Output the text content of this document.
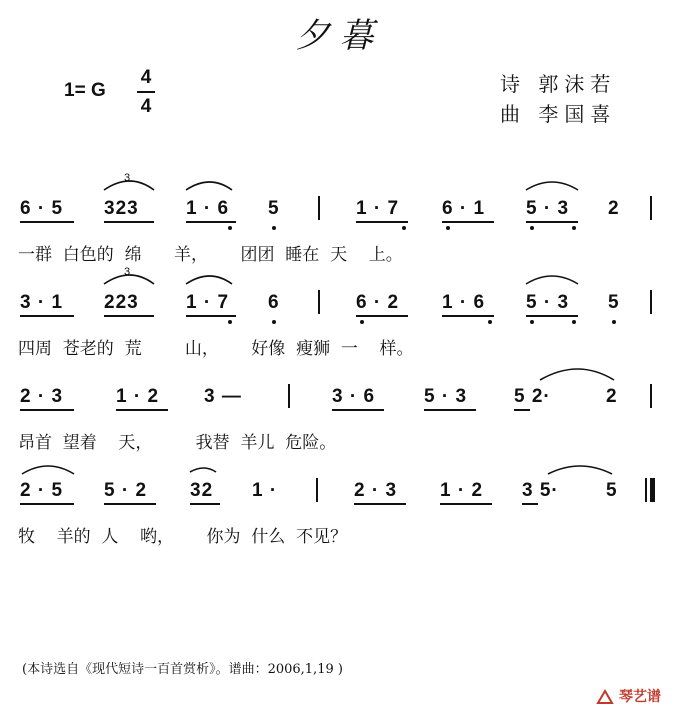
夕暮
1= G
4
4
诗 郭沫若
曲 李国喜
3
6 · 5 323 1 · 6 5	1 · 7 6 · 1 5 · 3 2
一群  白色的  绵      羊，      团团  睡在  天    上。
3
3 · 1 223 1 · 7 6	6 · 2 1 · 6 5 · 3 5
四周  苍老的  荒        山，      好像  瘦狮  一    样。
2 · 3	1 · 2 3 —	3 · 6	5 · 3 5 2·	2
昂首  望着    天，        我替  羊儿  危险。
2 · 5 5 · 2 32 1 ·	2 · 3 1 · 2 3 5· 5
牧    羊的  人    哟，      你为  什么  不见？
(本诗选自《现代短诗一百首赏析》。谱曲：2006,1,19 )
琴艺谱
